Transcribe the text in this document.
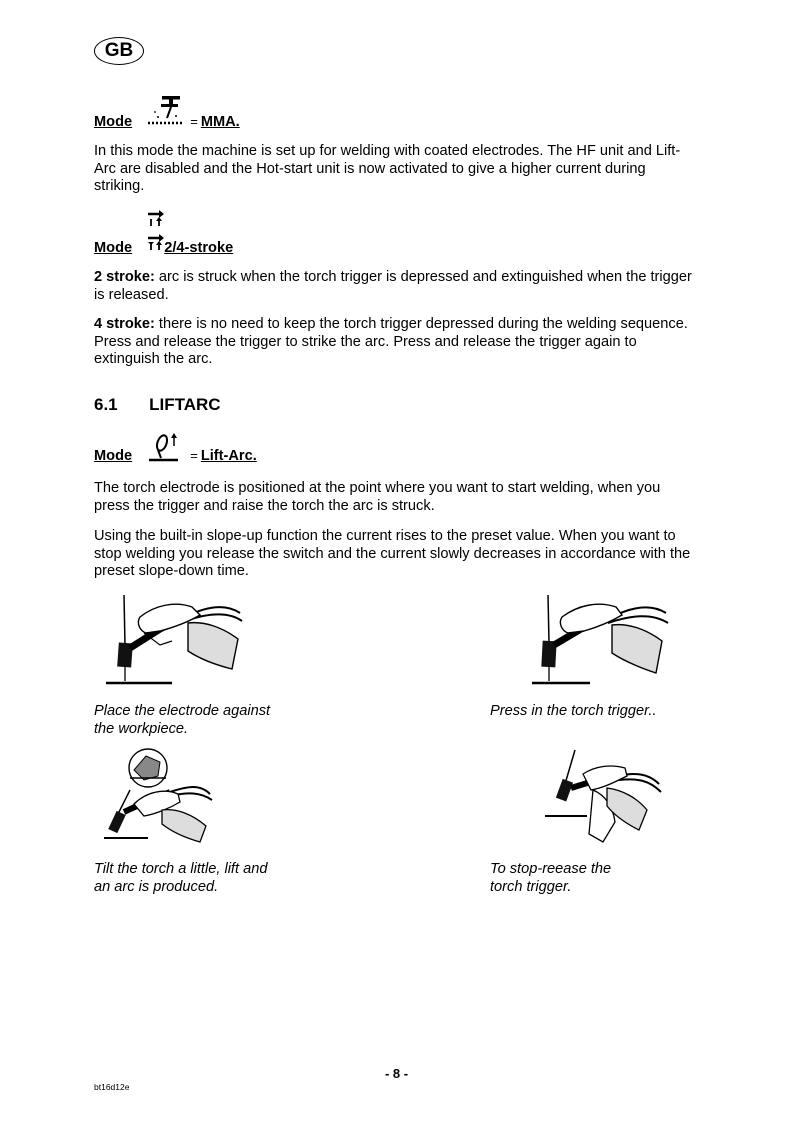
GB
Mode	= MMA.

In this mode the machine is set up for welding with coated electrodes. The HF unit and Lift-Arc are disabled and the Hot-start unit is now activated to give a higher current during striking.

Mode 2/4-stroke

2 stroke: arc is struck when the torch trigger is depressed and extinguished when the trigger is released.

4 stroke: there is no need to keep the torch trigger depressed during the welding sequence. Press and release the trigger to strike the arc. Press and release the trigger again to extinguish the arc.

6.1 LIFTARC
Mode	= Lift-Arc.

The torch electrode is positioned at the point where you want to start welding, when you press the trigger and raise the torch the arc is struck.

Using the built-in slope-up function the current rises to the preset value. When you want to stop welding you release the switch and the current slowly decreases in accordance with the preset slope-down time.

Place the electrode against

the workpiece.

Press in the torch trigger..

Tilt the torch a little, lift and

an arc is produced.

To stop-reease the

torch trigger.

- 8 -
bt16d12e
